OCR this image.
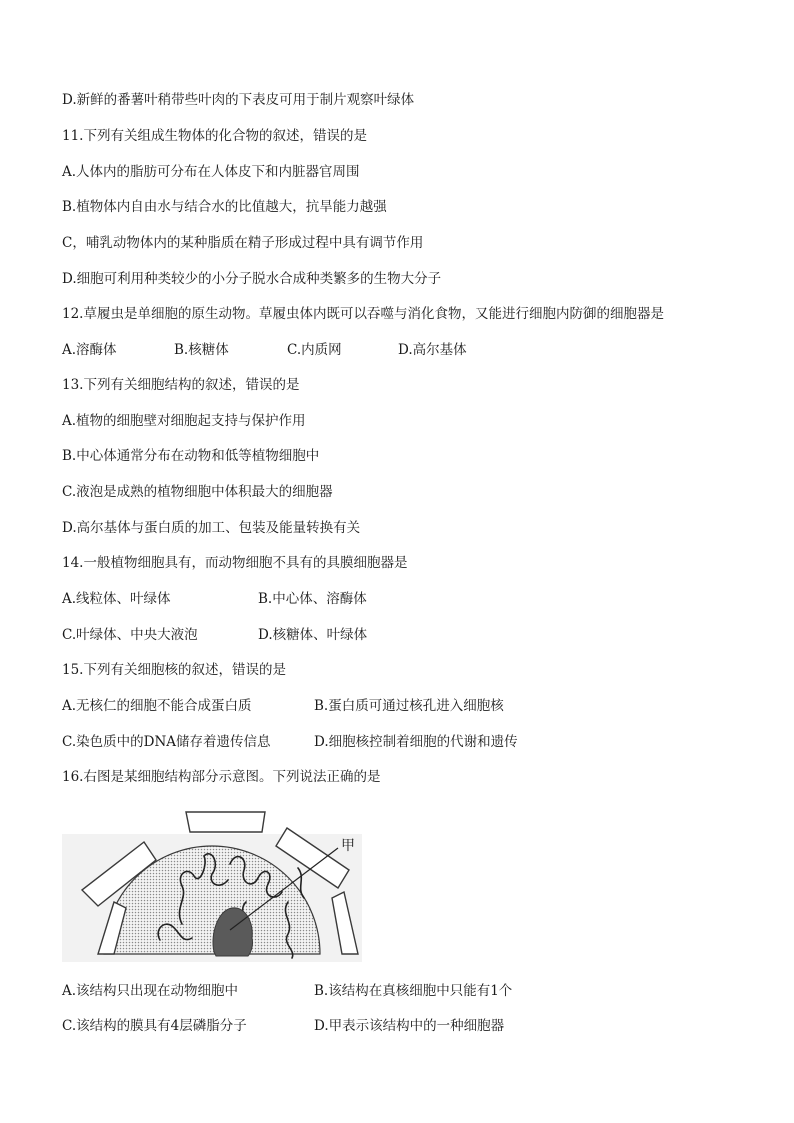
D.新鲜的番薯叶稍带些叶肉的下表皮可用于制片观察叶绿体
11.下列有关组成生物体的化合物的叙述，错误的是
A.人体内的脂肪可分布在人体皮下和内脏器官周围
B.植物体内自由水与结合水的比值越大，抗旱能力越强
C，哺乳动物体内的某种脂质在精子形成过程中具有调节作用
D.细胞可利用种类较少的小分子脱水合成种类繁多的生物大分子
12.草履虫是单细胞的原生动物。草履虫体内既可以吞噬与消化食物，又能进行细胞内防御的细胞器是
A.溶酶体	B.核糖体	C.内质网	D.高尔基体
13.下列有关细胞结构的叙述，错误的是
A.植物的细胞壁对细胞起支持与保护作用
B.中心体通常分布在动物和低等植物细胞中
C.液泡是成熟的植物细胞中体积最大的细胞器
D.高尔基体与蛋白质的加工、包装及能量转换有关
14.一般植物细胞具有，而动物细胞不具有的具膜细胞器是
A.线粒体、叶绿体	B.中心体、溶酶体
C.叶绿体、中央大液泡	D.核糖体、叶绿体
15.下列有关细胞核的叙述，错误的是
A.无核仁的细胞不能合成蛋白质	B.蛋白质可通过核孔进入细胞核
C.染色质中的DNA储存着遗传信息	D.细胞核控制着细胞的代谢和遗传
16.右图是某细胞结构部分示意图。下列说法正确的是
甲
A.该结构只出现在动物细胞中	B.该结构在真核细胞中只能有1个
C.该结构的膜具有4层磷脂分子	D.甲表示该结构中的一种细胞器
